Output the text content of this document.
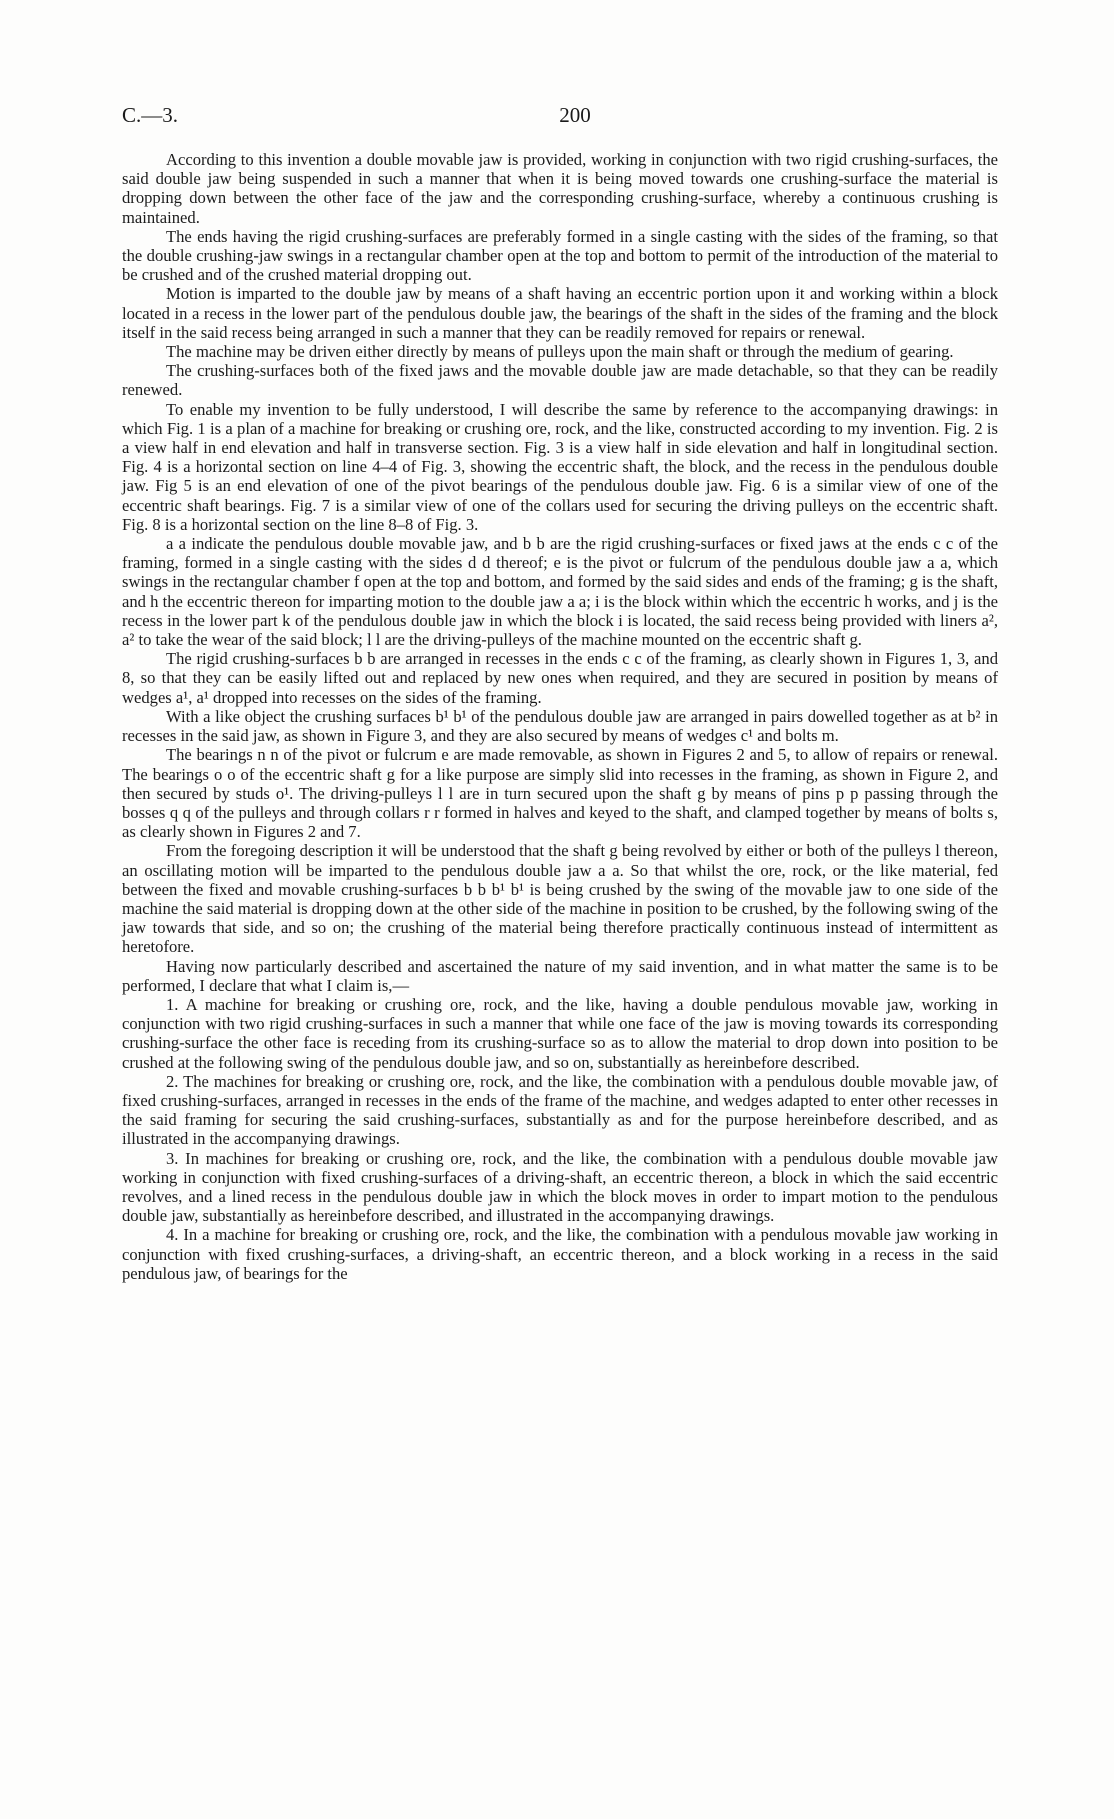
C.—3.	200

According to this invention a double movable jaw is provided, working in conjunction with two rigid crushing-surfaces, the said double jaw being suspended in such a manner that when it is being moved towards one crushing-surface the material is dropping down between the other face of the jaw and the corresponding crushing-surface, whereby a continuous crushing is maintained.

The ends having the rigid crushing-surfaces are preferably formed in a single casting with the sides of the framing, so that the double crushing-jaw swings in a rectangular chamber open at the top and bottom to permit of the introduction of the material to be crushed and of the crushed material dropping out.

Motion is imparted to the double jaw by means of a shaft having an eccentric portion upon it and working within a block located in a recess in the lower part of the pendulous double jaw, the bearings of the shaft in the sides of the framing and the block itself in the said recess being arranged in such a manner that they can be readily removed for repairs or renewal.

The machine may be driven either directly by means of pulleys upon the main shaft or through the medium of gearing.

The crushing-surfaces both of the fixed jaws and the movable double jaw are made detachable, so that they can be readily renewed.

To enable my invention to be fully understood, I will describe the same by reference to the accompanying drawings: in which Fig. 1 is a plan of a machine for breaking or crushing ore, rock, and the like, constructed according to my invention. Fig. 2 is a view half in end elevation and half in transverse section. Fig. 3 is a view half in side elevation and half in longitudinal section. Fig. 4 is a horizontal section on line 4–4 of Fig. 3, showing the eccentric shaft, the block, and the recess in the pendulous double jaw. Fig 5 is an end elevation of one of the pivot bearings of the pendulous double jaw. Fig. 6 is a similar view of one of the eccentric shaft bearings. Fig. 7 is a similar view of one of the collars used for securing the driving pulleys on the eccentric shaft. Fig. 8 is a horizontal section on the line 8–8 of Fig. 3.

a a indicate the pendulous double movable jaw, and b b are the rigid crushing-surfaces or fixed jaws at the ends c c of the framing, formed in a single casting with the sides d d thereof; e is the pivot or fulcrum of the pendulous double jaw a a, which swings in the rectangular chamber f open at the top and bottom, and formed by the said sides and ends of the framing; g is the shaft, and h the eccentric thereon for imparting motion to the double jaw a a; i is the block within which the eccentric h works, and j is the recess in the lower part k of the pendulous double jaw in which the block i is located, the said recess being provided with liners a², a² to take the wear of the said block; l l are the driving-pulleys of the machine mounted on the eccentric shaft g.

The rigid crushing-surfaces b b are arranged in recesses in the ends c c of the framing, as clearly shown in Figures 1, 3, and 8, so that they can be easily lifted out and replaced by new ones when required, and they are secured in position by means of wedges a¹, a¹ dropped into recesses on the sides of the framing.

With a like object the crushing surfaces b¹ b¹ of the pendulous double jaw are arranged in pairs dowelled together as at b² in recesses in the said jaw, as shown in Figure 3, and they are also secured by means of wedges c¹ and bolts m.

The bearings n n of the pivot or fulcrum e are made removable, as shown in Figures 2 and 5, to allow of repairs or renewal. The bearings o o of the eccentric shaft g for a like purpose are simply slid into recesses in the framing, as shown in Figure 2, and then secured by studs o¹. The driving-pulleys l l are in turn secured upon the shaft g by means of pins p p passing through the bosses q q of the pulleys and through collars r r formed in halves and keyed to the shaft, and clamped together by means of bolts s, as clearly shown in Figures 2 and 7.

From the foregoing description it will be understood that the shaft g being revolved by either or both of the pulleys l thereon, an oscillating motion will be imparted to the pendulous double jaw a a. So that whilst the ore, rock, or the like material, fed between the fixed and movable crushing-surfaces b b b¹ b¹ is being crushed by the swing of the movable jaw to one side of the machine the said material is dropping down at the other side of the machine in position to be crushed, by the following swing of the jaw towards that side, and so on; the crushing of the material being therefore practically continuous instead of intermittent as heretofore.

Having now particularly described and ascertained the nature of my said invention, and in what matter the same is to be performed, I declare that what I claim is,—

1. A machine for breaking or crushing ore, rock, and the like, having a double pendulous movable jaw, working in conjunction with two rigid crushing-surfaces in such a manner that while one face of the jaw is moving towards its corresponding crushing-surface the other face is receding from its crushing-surface so as to allow the material to drop down into position to be crushed at the following swing of the pendulous double jaw, and so on, substantially as hereinbefore described.

2. The machines for breaking or crushing ore, rock, and the like, the combination with a pendulous double movable jaw, of fixed crushing-surfaces, arranged in recesses in the ends of the frame of the machine, and wedges adapted to enter other recesses in the said framing for securing the said crushing-surfaces, substantially as and for the purpose hereinbefore described, and as illustrated in the accompanying drawings.

3. In machines for breaking or crushing ore, rock, and the like, the combination with a pendulous double movable jaw working in conjunction with fixed crushing-surfaces of a driving-shaft, an eccentric thereon, a block in which the said eccentric revolves, and a lined recess in the pendulous double jaw in which the block moves in order to impart motion to the pendulous double jaw, substantially as hereinbefore described, and illustrated in the accompanying drawings.

4. In a machine for breaking or crushing ore, rock, and the like, the combination with a pendulous movable jaw working in conjunction with fixed crushing-surfaces, a driving-shaft, an eccentric thereon, and a block working in a recess in the said pendulous jaw, of bearings for the
